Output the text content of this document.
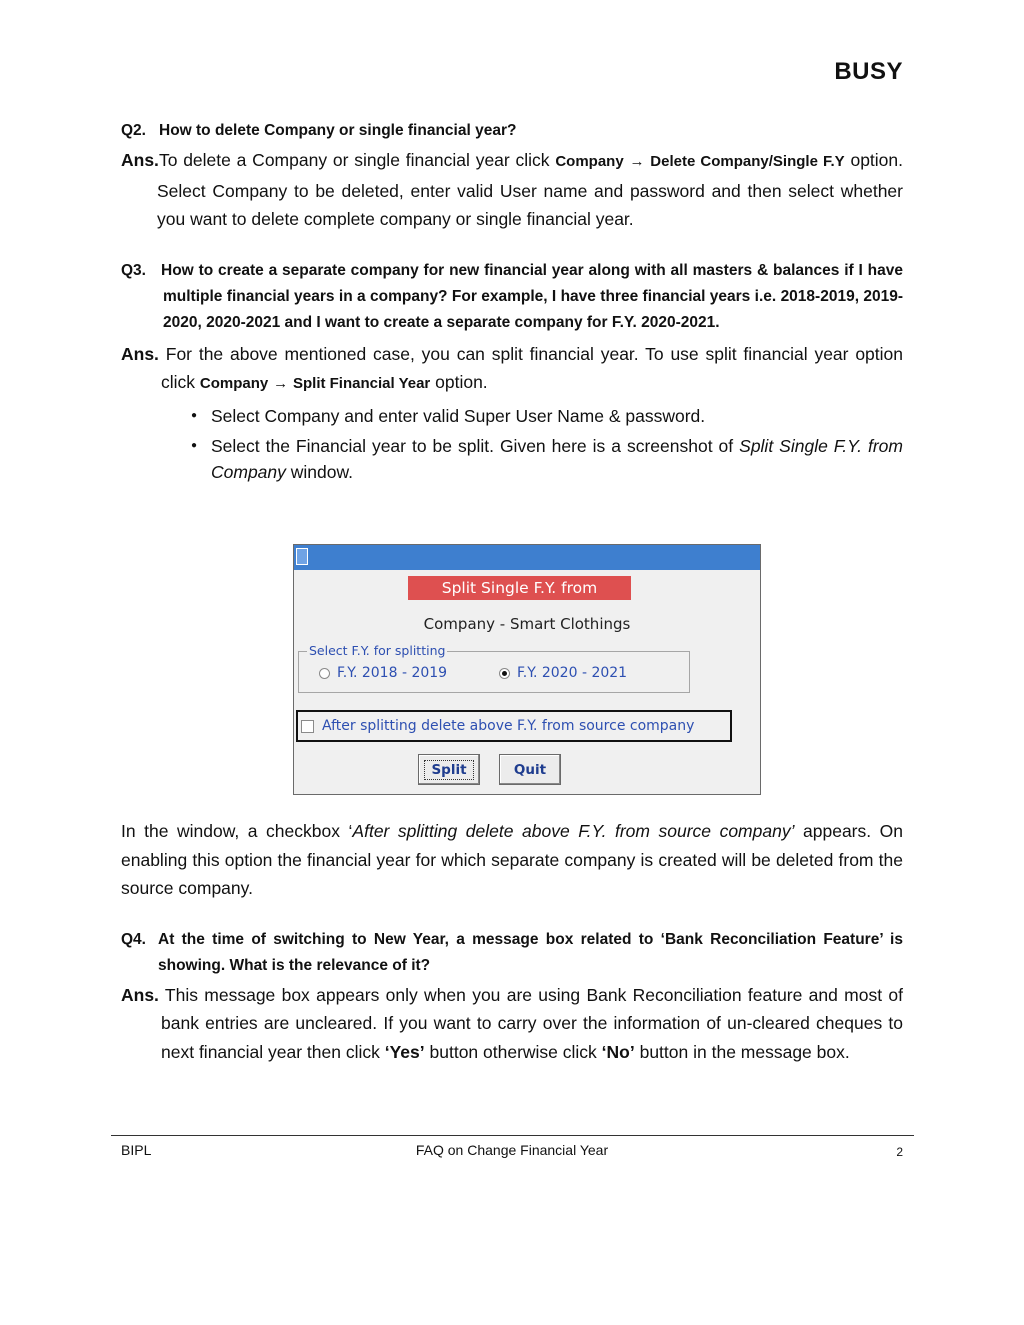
BUSY
Q2. How to delete Company or single financial year?
Ans.To delete a Company or single financial year click Company → Delete Company/Single F.Y option. Select Company to be deleted, enter valid User name and password and then select whether you want to delete complete company or single financial year.
Q3. How to create a separate company for new financial year along with all masters & balances if I have multiple financial years in a company? For example, I have three financial years i.e. 2018-2019, 2019-2020, 2020-2021 and I want to create a separate company for F.Y. 2020-2021.
Ans. For the above mentioned case, you can split financial year. To use split financial year option click Company → Split Financial Year option.
● Select Company and enter valid Super User Name & password.
● Select the Financial year to be split. Given here is a screenshot of Split Single F.Y. from Company window.
Split Single F.Y. from
Company - Smart Clothings
Select F.Y. for splitting
F.Y. 2018 - 2019	F.Y. 2020 - 2021
After splitting delete above F.Y. from source company
Split	Quit
In the window, a checkbox ‘After splitting delete above F.Y. from source company’ appears. On enabling this option the financial year for which separate company is created will be deleted from the source company.
Q4. At the time of switching to New Year, a message box related to ‘Bank Reconciliation Feature’ is showing. What is the relevance of it?
Ans. This message box appears only when you are using Bank Reconciliation feature and most of bank entries are uncleared. If you want to carry over the information of un-cleared cheques to next financial year then click ‘Yes’ button otherwise click ‘No’ button in the message box.
BIPL	FAQ on Change Financial Year	2
